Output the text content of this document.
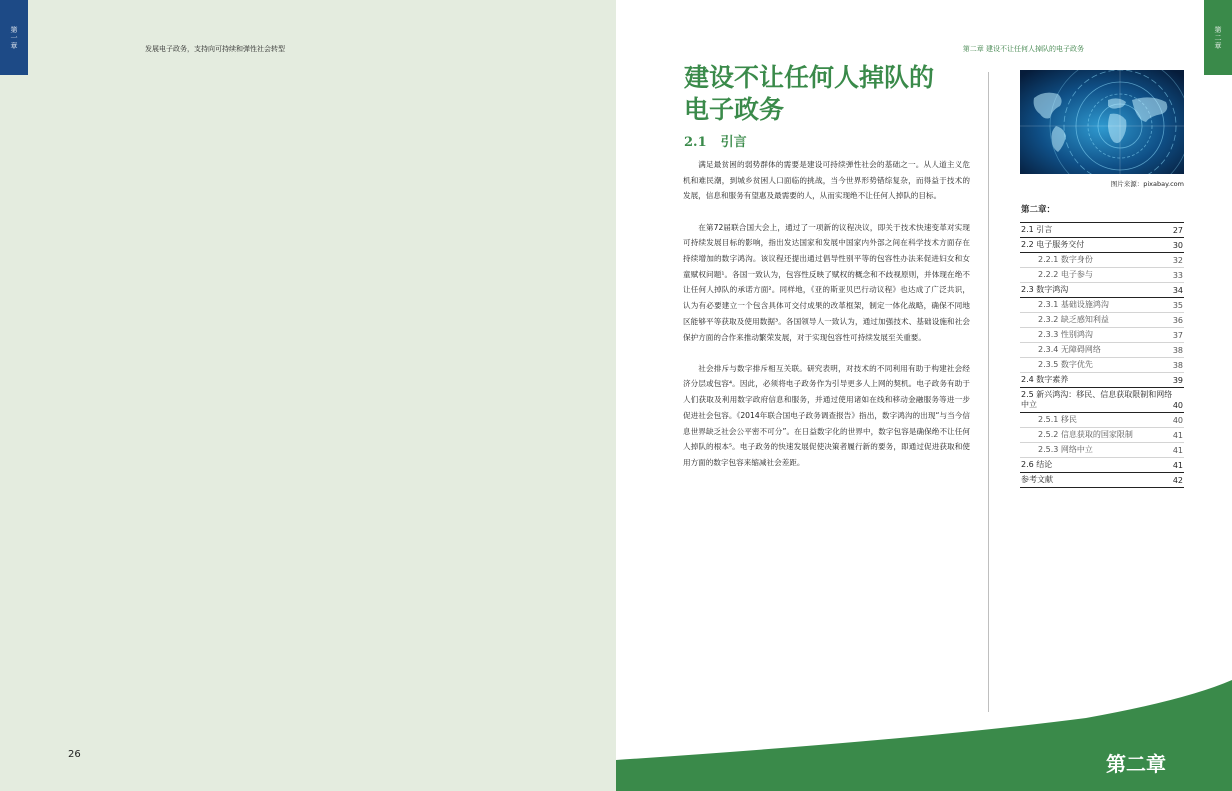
第一章	发展电子政务，支持向可持续和弹性社会转型
26
第二章
第二章 建设不让任何人掉队的电子政务
建设不让任何人掉队的
电子政务
2.1 引言

满足最贫困的弱势群体的需要是建设可持续弹性社会的基础之一。从人道主义危机和难民潮，到城乡贫困人口面临的挑战，当今世界形势错综复杂，而得益于技术的发展，信息和服务有望惠及最需要的人，从而实现绝不让任何人掉队的目标。

在第72届联合国大会上，通过了一项新的议程决议，即关于技术快速变革对实现可持续发展目标的影响，指出发达国家和发展中国家内外部之间在科学技术方面存在持续增加的数字鸿沟。该议程还提出通过倡导性别平等的包容性办法来促进妇女和女童赋权问题¹。各国一致认为，包容性反映了赋权的概念和不歧视原则，并体现在绝不让任何人掉队的承诺方面²。同样地，《亚的斯亚贝巴行动议程》也达成了广泛共识，认为有必要建立一个包含具体可交付成果的改革框架，制定一体化战略，确保不同地区能够平等获取及使用数据³。各国领导人一致认为，通过加强技术、基础设施和社会保护方面的合作来推动繁荣发展，对于实现包容性可持续发展至关重要。

社会排斥与数字排斥相互关联。研究表明，对技术的不同利用有助于构建社会经济分层或包容⁴。因此，必须将电子政务作为引导更多人上网的契机。电子政务有助于人们获取及利用数字政府信息和服务，并通过使用诸如在线和移动金融服务等进一步促进社会包容。《2014年联合国电子政务调查报告》指出，数字鸿沟的出现“与当今信息世界缺乏社会公平密不可分”。在日益数字化的世界中，数字包容是确保绝不让任何人掉队的根本⁵。电子政务的快速发展促使决策者履行新的要务，即通过促进获取和使用方面的数字包容来缩减社会差距。

图片来源：pixabay.com
第二章：
2.1 引言	27
2.2 电子服务交付	30
2.2.1 数字身份	32
2.2.2 电子参与	33
2.3 数字鸿沟	34
2.3.1 基础设施鸿沟	35
2.3.2 缺乏感知利益	36
2.3.3 性别鸿沟	37
2.3.4 无障碍网络	38
2.3.5 数字优先	38
2.4 数字素养	39
2.5 新兴鸿沟：移民、信息获取限制和网络中立	40
2.5.1 移民	40
2.5.2 信息获取的国家限制	41
2.5.3 网络中立	41
2.6 结论	41
参考文献	42
第二章
